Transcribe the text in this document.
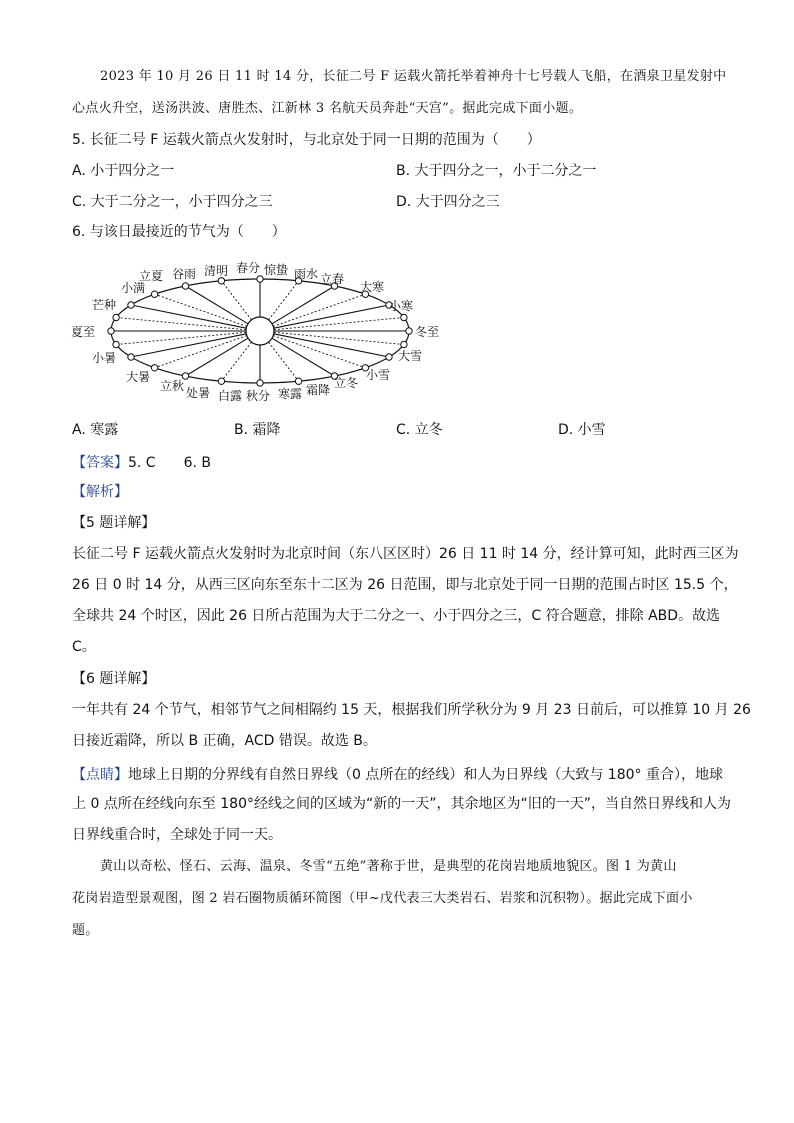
2023 年 10 月 26 日 11 时 14 分，长征二号 F 运载火箭托举着神舟十七号载人飞船，在酒泉卫星发射中
心点火升空，送汤洪波、唐胜杰、江新林 3 名航天员奔赴“天宫”。据此完成下面小题。
5. 长征二号 F 运载火箭点火发射时，与北京处于同一日期的范围为（　　）
A. 小于四分之一	B. 大于四分之一，小于二分之一
C. 大于二分之一，小于四分之三	D. 大于四分之三
6. 与该日最接近的节气为（　　）
夏至	冬至
芒种
小满
立夏 谷雨 清明 春分 惊蛰 雨水 立春
大寒
小寒
小暑
大暑
立秋 处暑 白露 秋分 寒露 霜降 立冬
小雪
大雪
A. 寒露	B. 霜降	C. 立冬	D. 小雪
【答案】5. C　　6. B
【解析】
【5 题详解】
长征二号 F 运载火箭点火发射时为北京时间（东八区区时）26 日 11 时 14 分，经计算可知，此时西三区为
26 日 0 时 14 分，从西三区向东至东十二区为 26 日范围，即与北京处于同一日期的范围占时区 15.5 个，
全球共 24 个时区，因此 26 日所占范围为大于二分之一、小于四分之三，C 符合题意，排除 ABD。故选
C。
【6 题详解】
一年共有 24 个节气，相邻节气之间相隔约 15 天，根据我们所学秋分为 9 月 23 日前后，可以推算 10 月 26
日接近霜降，所以 B 正确，ACD 错误。故选 B。
【点睛】地球上日期的分界线有自然日界线（0 点所在的经线）和人为日界线（大致与 180° 重合），地球
上 0 点所在经线向东至 180°经线之间的区域为“新的一天”，其余地区为“旧的一天”，当自然日界线和人为
日界线重合时，全球处于同一天。
黄山以奇松、怪石、云海、温泉、冬雪“五绝”著称于世，是典型的花岗岩地质地貌区。图 1 为黄山
花岗岩造型景观图，图 2 岩石圈物质循环简图（甲~戊代表三大类岩石、岩浆和沉积物）。据此完成下面小
题。
